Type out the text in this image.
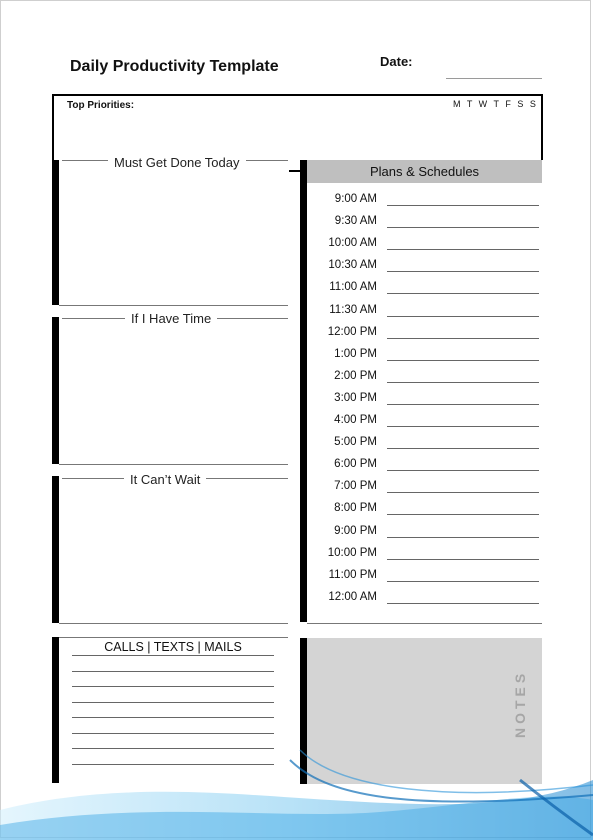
Daily Productivity Template	Date:
Top Priorities:	M T W T F S S
Must Get Done Today
If I Have Time
It Can’t Wait
Plans & Schedules
9:00 AM
9:30 AM
10:00 AM
10:30 AM
11:00 AM
11:30 AM
12:00 PM
1:00 PM
2:00 PM
3:00 PM
4:00 PM
5:00 PM
6:00 PM
7:00 PM
8:00 PM
9:00 PM
10:00 PM
11:00 PM
12:00 AM
CALLS | TEXTS | MAILS
NOTES
